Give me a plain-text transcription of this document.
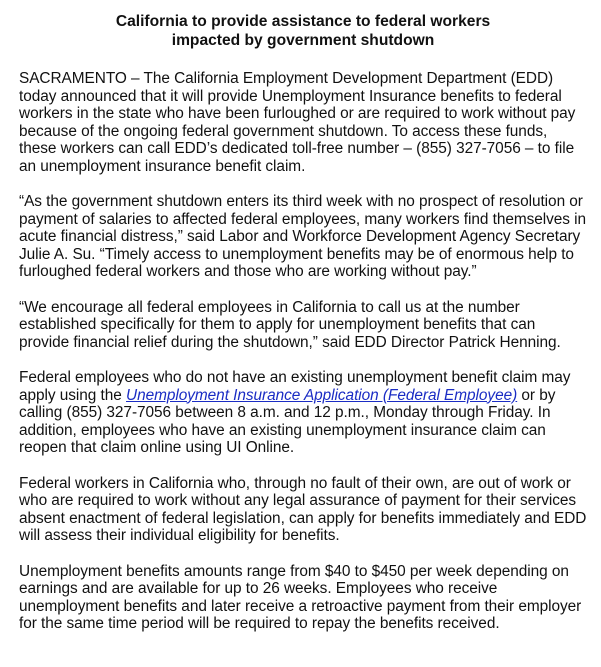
California to provide assistance to federal workers
impacted by government shutdown

SACRAMENTO – The California Employment Development Department (EDD) today announced that it will provide Unemployment Insurance benefits to federal workers in the state who have been furloughed or are required to work without pay because of the ongoing federal government shutdown. To access these funds, these workers can call EDD’s dedicated toll-free number – (855) 327-7056 – to file an unemployment insurance benefit claim.

“As the government shutdown enters its third week with no prospect of resolution or payment of salaries to affected federal employees, many workers find themselves in acute financial distress,” said Labor and Workforce Development Agency Secretary Julie A. Su. “Timely access to unemployment benefits may be of enormous help to furloughed federal workers and those who are working without pay.”

“We encourage all federal employees in California to call us at the number established specifically for them to apply for unemployment benefits that can provide financial relief during the shutdown,” said EDD Director Patrick Henning.

Federal employees who do not have an existing unemployment benefit claim may apply using the Unemployment Insurance Application (Federal Employee) or by calling (855) 327-7056 between 8 a.m. and 12 p.m., Monday through Friday. In addition, employees who have an existing unemployment insurance claim can reopen that claim online using UI Online.

Federal workers in California who, through no fault of their own, are out of work or who are required to work without any legal assurance of payment for their services absent enactment of federal legislation, can apply for benefits immediately and EDD will assess their individual eligibility for benefits.

Unemployment benefits amounts range from $40 to $450 per week depending on earnings and are available for up to 26 weeks. Employees who receive unemployment benefits and later receive a retroactive payment from their employer for the same time period will be required to repay the benefits received.
